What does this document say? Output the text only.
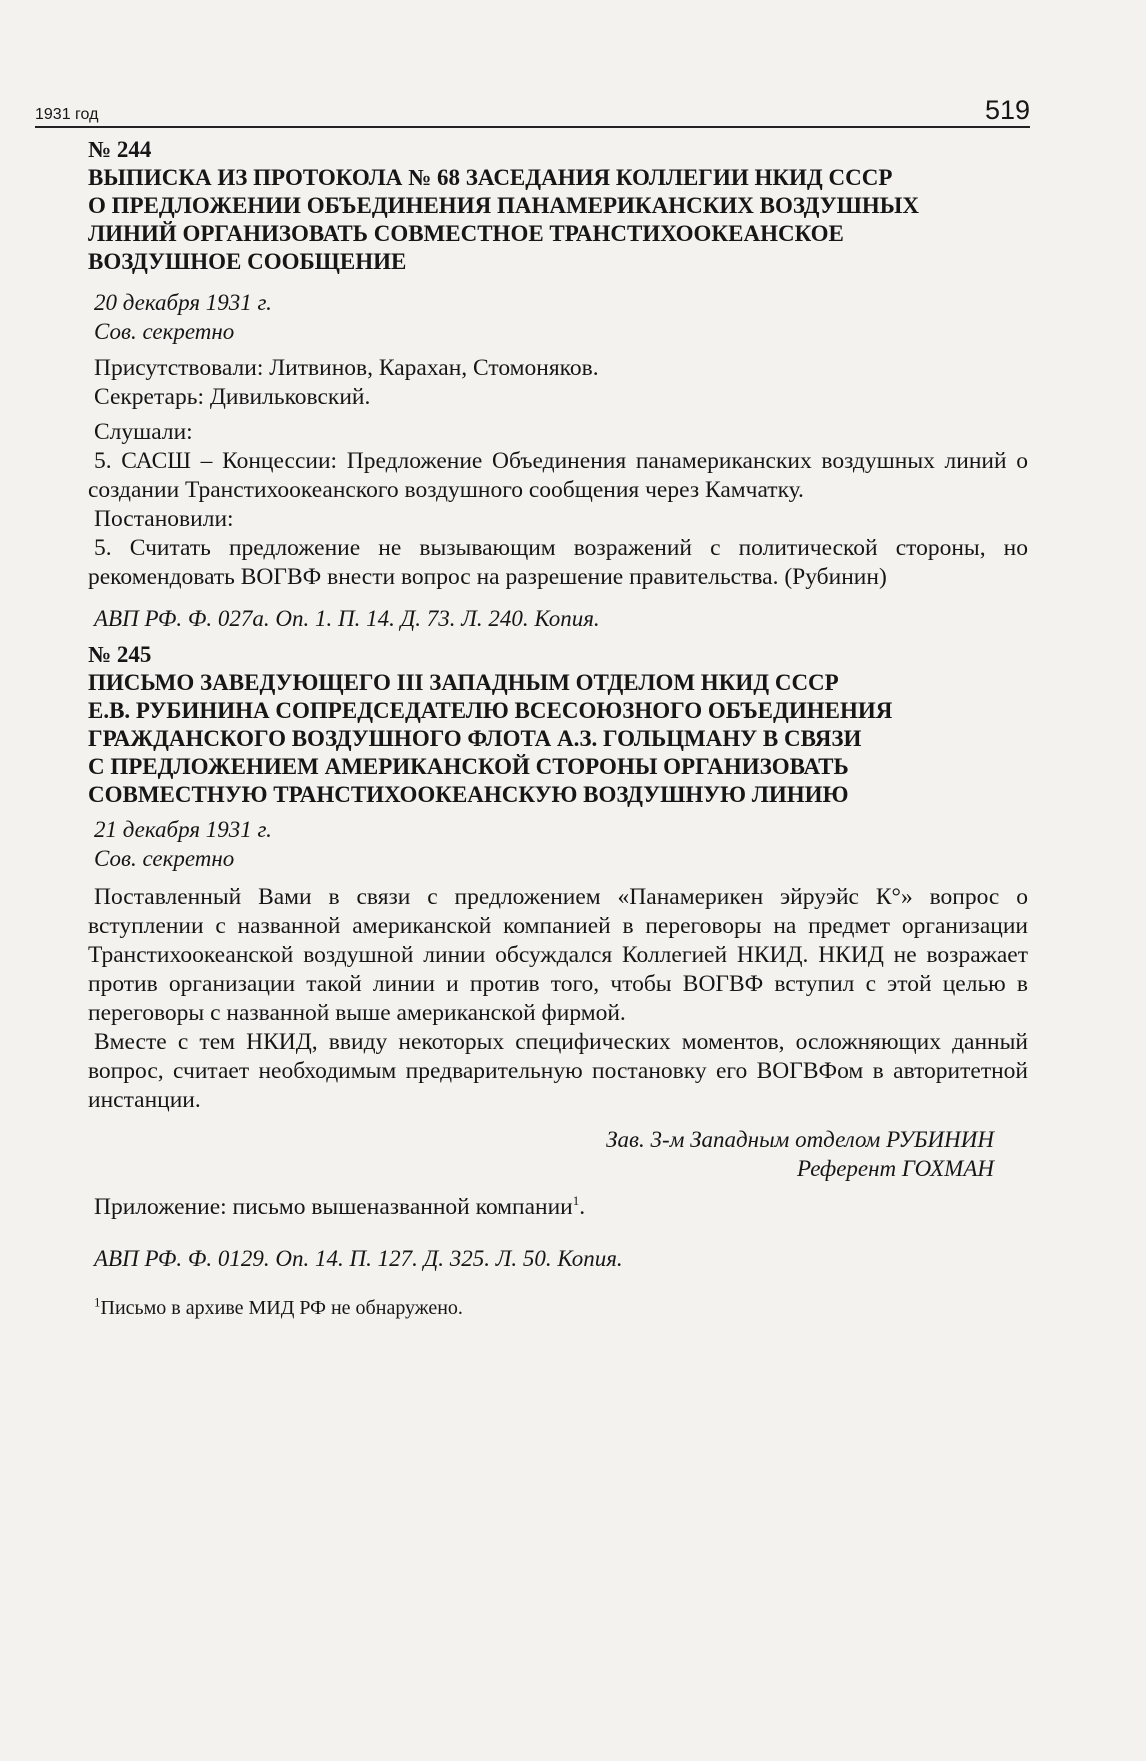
1931 год	519
№ 244
ВЫПИСКА ИЗ ПРОТОКОЛА № 68 ЗАСЕДАНИЯ КОЛЛЕГИИ НКИД СССР
О ПРЕДЛОЖЕНИИ ОБЪЕДИНЕНИЯ ПАНАМЕРИКАНСКИХ ВОЗДУШНЫХ
ЛИНИЙ ОРГАНИЗОВАТЬ СОВМЕСТНОЕ ТРАНСТИХООКЕАНСКОЕ
ВОЗДУШНОЕ СООБЩЕНИЕ
20 декабря 1931 г.
Сов. секретно
Присутствовали: Литвинов, Карахан, Стомоняков.
Секретарь: Дивильковский.
Слушали:
5. САСШ – Концессии: Предложение Объединения панамериканских воздушных линий о создании Транстихоокеанского воздушного сообщения через Камчатку.
Постановили:
5. Считать предложение не вызывающим возражений с политической стороны, но рекомендовать ВОГВФ внести вопрос на разрешение правительства. (Рубинин)
АВП РФ. Ф. 027а. Оп. 1. П. 14. Д. 73. Л. 240. Копия.
№ 245
ПИСЬМО ЗАВЕДУЮЩЕГО III ЗАПАДНЫМ ОТДЕЛОМ НКИД СССР
Е.В. РУБИНИНА СОПРЕДСЕДАТЕЛЮ ВСЕСОЮЗНОГО ОБЪЕДИНЕНИЯ
ГРАЖДАНСКОГО ВОЗДУШНОГО ФЛОТА А.З. ГОЛЬЦМАНУ В СВЯЗИ
С ПРЕДЛОЖЕНИЕМ АМЕРИКАНСКОЙ СТОРОНЫ ОРГАНИЗОВАТЬ
СОВМЕСТНУЮ ТРАНСТИХООКЕАНСКУЮ ВОЗДУШНУЮ ЛИНИЮ
21 декабря 1931 г.
Сов. секретно
Поставленный Вами в связи с предложением «Панамерикен эйруэйс К°» вопрос о вступлении с названной американской компанией в переговоры на предмет организации Транстихоокеанской воздушной линии обсуждался Коллегией НКИД. НКИД не возражает против организации такой линии и против того, чтобы ВОГВФ вступил с этой целью в переговоры с названной выше американской фирмой.
Вместе с тем НКИД, ввиду некоторых специфических моментов, осложняющих данный вопрос, считает необходимым предварительную постановку его ВОГВФом в авторитетной инстанции.
Зав. 3-м Западным отделом РУБИНИН
Референт ГОХМАН
Приложение: письмо вышеназванной компании$^1$.
АВП РФ. Ф. 0129. Оп. 14. П. 127. Д. 325. Л. 50. Копия.
$^1$Письмо в архиве МИД РФ не обнаружено.
